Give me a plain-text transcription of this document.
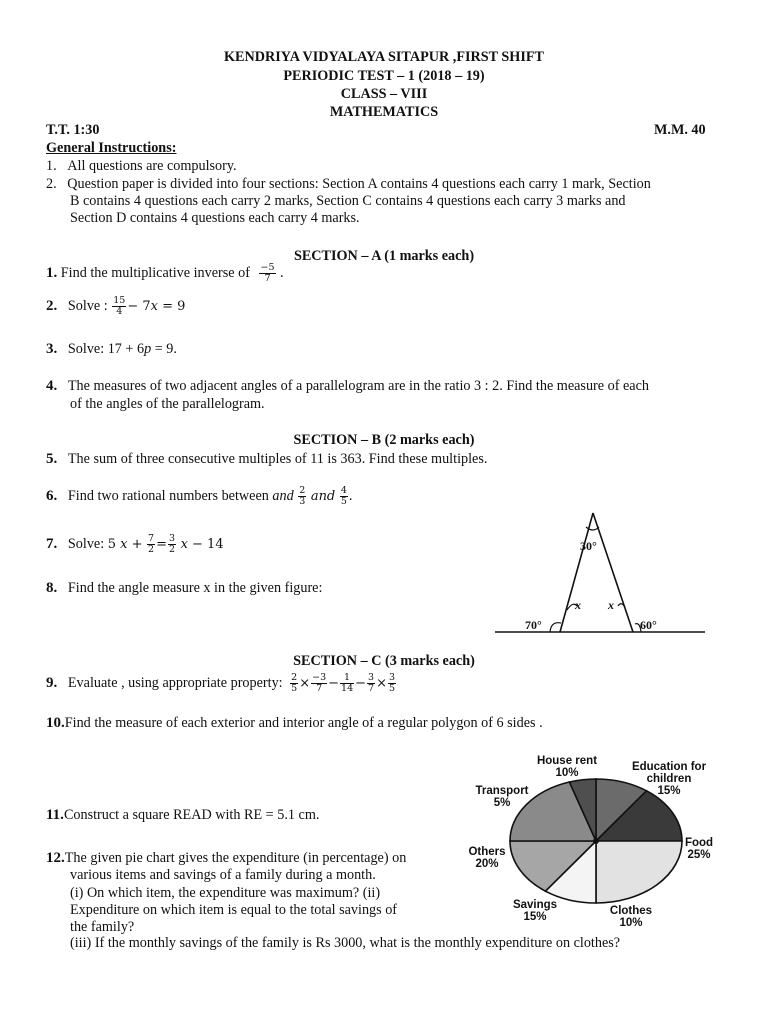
KENDRIYA VIDYALAYA SITAPUR ,FIRST SHIFT
PERIODIC TEST – 1 (2018 – 19)
CLASS – VIII
MATHEMATICS
T.T. 1:30	M.M. 40
General Instructions:
1. All questions are compulsory.
2. Question paper is divided into four sections: Section A contains 4 questions each carry 1 mark, Section
B contains 4 questions each carry 2 marks, Section C contains 4 questions each carry 3 marks and
Section D contains 4 questions each carry 4 marks.
SECTION – A (1 marks each)
1. Find the multiplicative inverse of $\frac{-5}{7}$ .
2. Solve : $\frac{15}{4}$ − 7𝑥 = 9
3. Solve: 17 + 6p = 9.
4. The measures of two adjacent angles of a parallelogram are in the ratio 3 : 2. Find the measure of each
of the angles of the parallelogram.
SECTION – B (2 marks each)
5. The sum of three consecutive multiples of 11 is 363. Find these multiples.
6. Find two rational numbers between and $\frac{2}{3}$ 𝑎𝑛𝑑 $\frac{4}{5}$ .
7. Solve: 5 𝑥 + $\frac{7}{2} = \frac{3}{2}$ 𝑥 − 14
8. Find the angle measure x in the given figure:
30°
x x
70°	60°
SECTION – C (3 marks each)
9. Evaluate , using appropriate property: $\frac{2}{5} \times \frac{-3}{7} - \frac{1}{14} - \frac{3}{7} \times \frac{3}{5}$
10.Find the measure of each exterior and interior angle of a regular polygon of 6 sides .
11.Construct a square READ with RE = 5.1 cm.
12.The given pie chart gives the expenditure (in percentage) on
various items and savings of a family during a month.
(i) On which item, the expenditure was maximum? (ii)
Expenditure on which item is equal to the total savings of
the family?
(iii) If the monthly savings of the family is Rs 3000, what is the monthly expenditure on clothes?
House rent 10%	Education for children 15%
Food 25%
Clothes 10%
Savings 15%
Others 20%
Transport 5%
